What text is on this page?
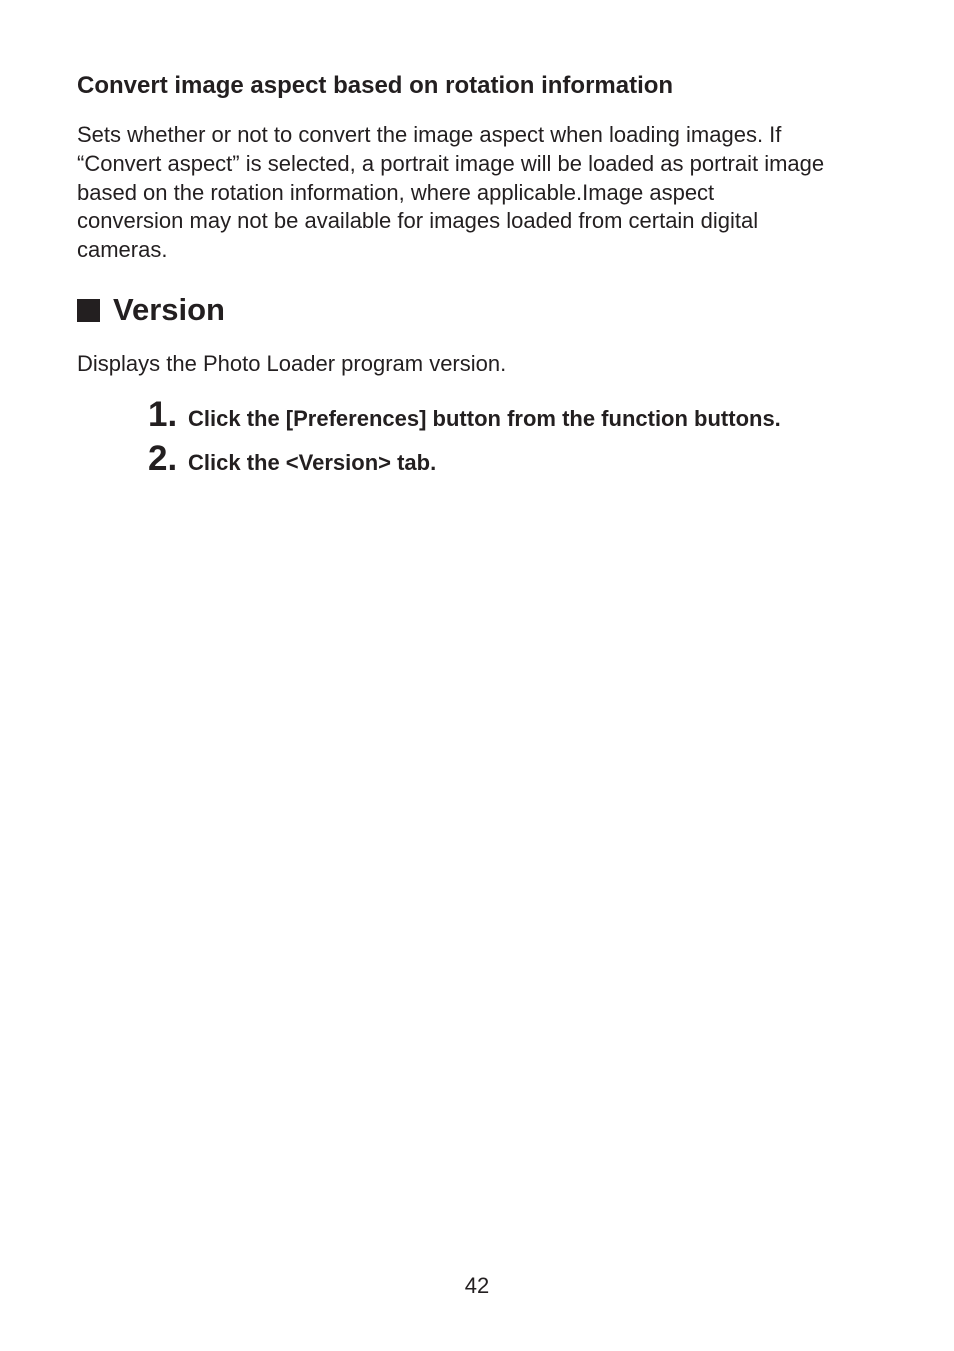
Convert image aspect based on rotation information

Sets whether or not to convert the image aspect when loading images. If
“Convert aspect” is selected, a portrait image will be loaded as portrait image
based on the rotation information, where applicable.Image aspect
conversion may not be available for images loaded from certain digital
cameras.

Version

Displays the Photo Loader program version.

1. Click the [Preferences] button from the function buttons.
2. Click the <Version> tab.
42
